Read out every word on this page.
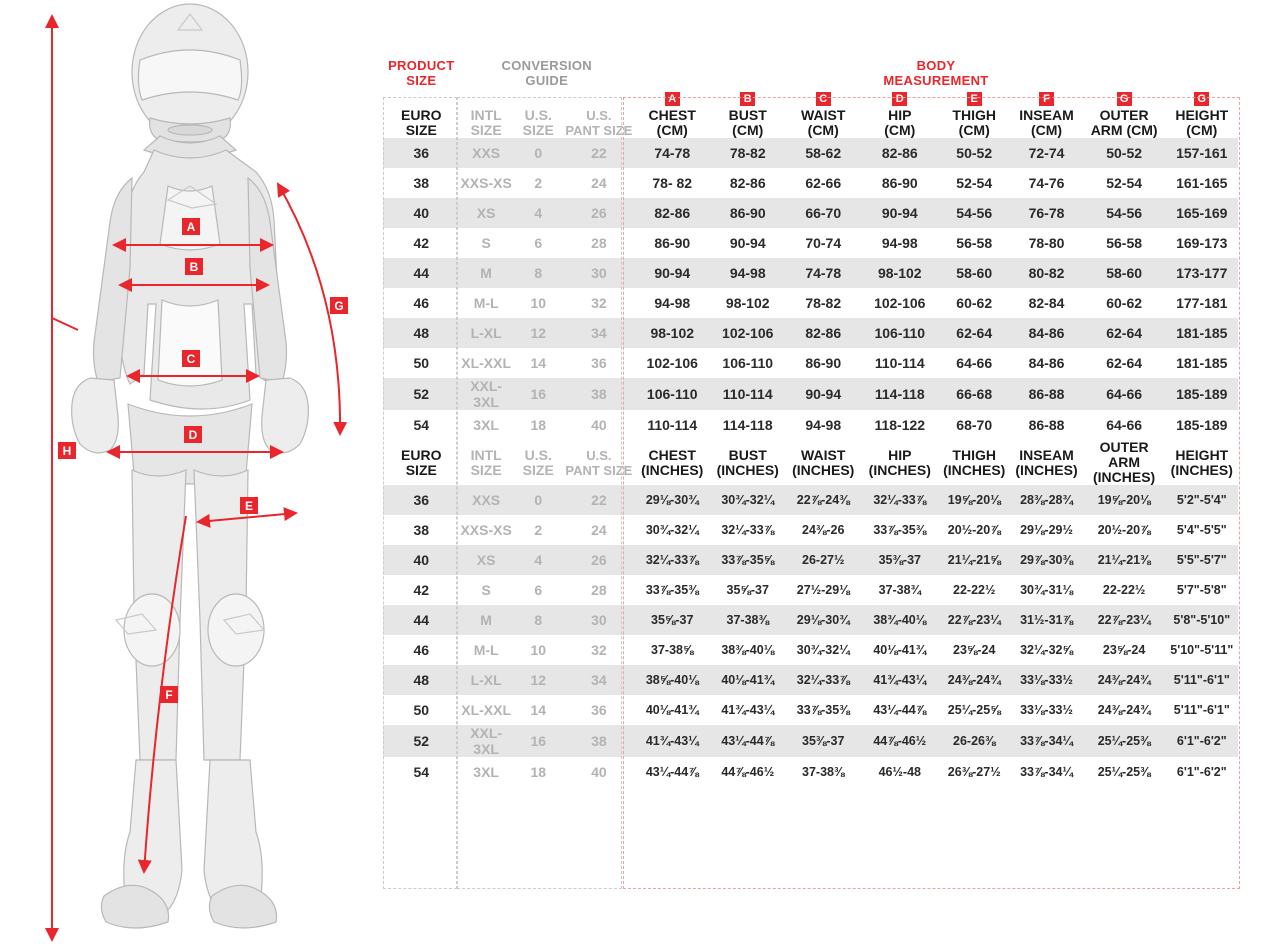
A
B
C
D
E
F
G
H
PRODUCT
SIZE

CONVERSION
GUIDE

BODY
MEASUREMENT

				A	B	C	D	E	F	G	G

EURO
SIZE

INTL
SIZE

U.S.
SIZE

U.S.
PANT SIZE

CHEST
(CM)

BUST
(CM)

WAIST
(CM)

HIP
(CM)

THIGH
(CM)

INSEAM
(CM)

OUTER
ARM (CM)

HEIGHT
(CM)

36	XXS	0	22	74-78	78-82	58-62	82-86	50-52	72-74	50-52	157-161
38	XXS-XS	2	24	78- 82	82-86	62-66	86-90	52-54	74-76	52-54	161-165
40	XS	4	26	82-86	86-90	66-70	90-94	54-56	76-78	54-56	165-169
42	S	6	28	86-90	90-94	70-74	94-98	56-58	78-80	56-58	169-173
44	M	8	30	90-94	94-98	74-78	98-102	58-60	80-82	58-60	173-177
46	M-L	10	32	94-98	98-102	78-82	102-106	60-62	82-84	60-62	177-181
48	L-XL	12	34	98-102	102-106	82-86	106-110	62-64	84-86	62-64	181-185
50	XL-XXL	14	36	102-106	106-110	86-90	110-114	64-66	84-86	62-64	181-185
52	XXL-3XL	16	38	106-110	110-114	90-94	114-118	66-68	86-88	64-66	185-189
54	3XL	18	40	110-114	114-118	94-98	118-122	68-70	86-88	64-66	185-189

EURO
SIZE

INTL
SIZE

U.S.
SIZE

U.S.
PANT SIZE

CHEST
(INCHES)

BUST
(INCHES)

WAIST
(INCHES)

HIP
(INCHES)

THIGH
(INCHES)

INSEAM
(INCHES)

OUTER ARM
(INCHES)

HEIGHT
(INCHES)

36	XXS	0	22	29⅛-30¾	30¾-32¼	22⅞-24⅜	32¼-33⅞	19⅝-20⅛	28⅜-28¾	19⅝-20⅛	5'2"-5'4"
38	XXS-XS	2	24	30¾-32¼	32¼-33⅞	24⅜-26	33⅞-35⅜	20½-20⅞	29⅛-29½	20½-20⅞	5'4"-5'5"
40	XS	4	26	32¼-33⅞	33⅞-35⅝	26-27½	35⅜-37	21¼-21⅝	29⅞-30⅜	21¼-21⅜	5'5"-5'7"
42	S	6	28	33⅞-35⅜	35⅝-37	27½-29⅛	37-38¾	22-22½	30¾-31⅛	22-22½	5'7"-5'8"
44	M	8	30	35⅝-37	37-38⅜	29⅛-30¾	38¾-40⅛	22⅞-23¼	31½-31⅞	22⅞-23¼	5'8"-5'10"
46	M-L	10	32	37-38⅝	38⅜-40⅛	30¾-32¼	40⅛-41¾	23⅝-24	32¼-32⅝	23⅝-24	5'10"-5'11"
48	L-XL	12	34	38⅝-40⅛	40⅛-41¾	32¼-33⅞	41¾-43¼	24⅜-24¾	33⅛-33½	24⅜-24¾	5'11"-6'1"
50	XL-XXL	14	36	40⅛-41¾	41¾-43¼	33⅞-35⅜	43¼-44⅞	25¼-25⅝	33⅛-33½	24⅜-24¾	5'11"-6'1"
52	XXL-3XL	16	38	41¾-43¼	43¼-44⅞	35⅜-37	44⅞-46½	26-26⅜	33⅞-34¼	25¼-25⅜	6'1"-6'2"
54	3XL	18	40	43¼-44⅞	44⅞-46½	37-38⅜	46½-48	26⅜-27½	33⅞-34¼	25¼-25⅜	6'1"-6'2"
